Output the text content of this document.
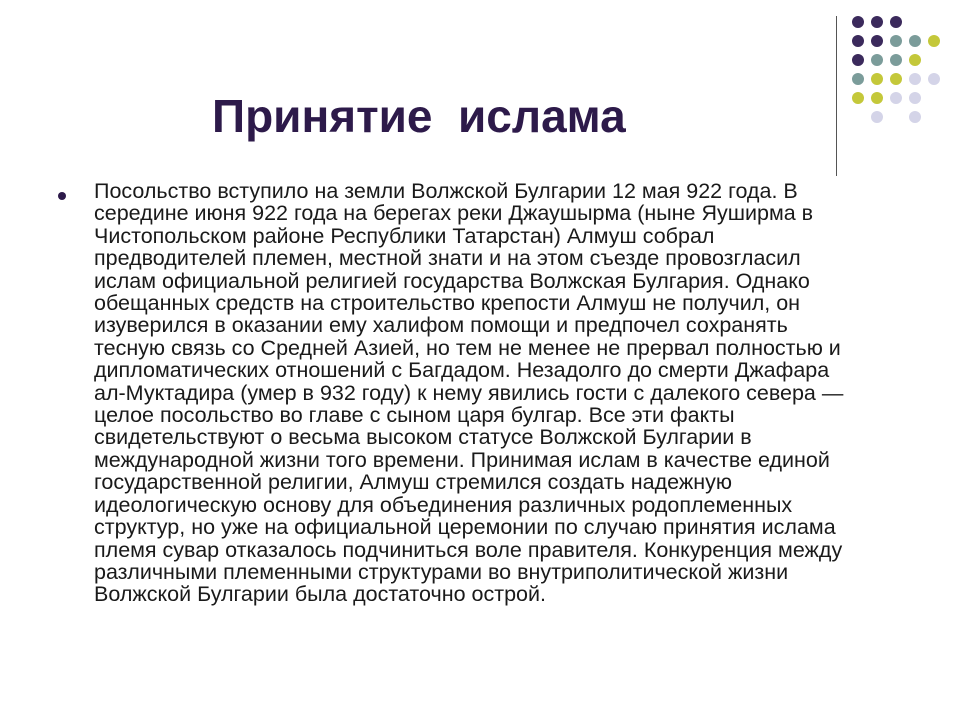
Принятие  ислама

Посольство вступило на земли Волжской Булгарии 12 мая 922 года. В
середине июня 922 года на берегах реки Джаушырма (ныне Яуширма в
Чистопольском районе Республики Татарстан) Алмуш собрал
предводителей племен, местной знати и на этом съезде провозгласил
ислам официальной религией государства Волжская Булгария. Однако
обещанных средств на строительство крепости Алмуш не получил, он
изуверился в оказании ему халифом помощи и предпочел сохранять
тесную связь со Средней Азией, но тем не менее не прервал полностью и
дипломатических отношений с Багдадом. Незадолго до смерти Джафара
ал-Муктадира (умер в 932 году) к нему явились гости с далекого севера —
целое посольство во главе с сыном царя булгар. Все эти факты
свидетельствуют о весьма высоком статусе Волжской Булгарии в
международной жизни того времени. Принимая ислам в качестве единой
государственной религии, Алмуш стремился создать надежную
идеологическую основу для объединения различных родоплеменных
структур, но уже на официальной церемонии по случаю принятия ислама
племя сувар отказалось подчиниться воле правителя. Конкуренция между
различными племенными структурами во внутриполитической жизни
Волжской Булгарии была достаточно острой.
